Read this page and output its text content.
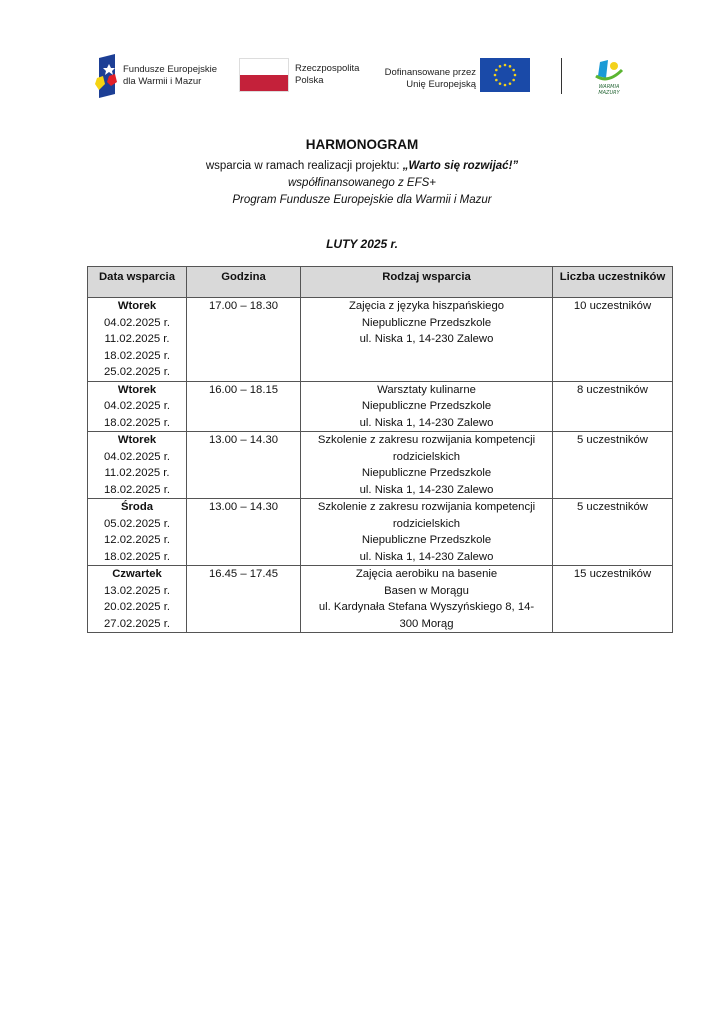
Fundusze Europejskie
dla Warmii i Mazur
Rzeczpospolita
Polska
Dofinansowane przez
Unię Europejską	WARMIA
MAZURY
HARMONOGRAM
wsparcia w ramach realizacji projektu: „Warto się rozwijać!”
współfinansowanego z EFS+
Program Fundusze Europejskie dla Warmii i Mazur
LUTY 2025 r.
Data wsparcia	Godzina	Rodzaj wsparcia	Liczba uczestników

Wtorek
04.02.2025 r.
11.02.2025 r.
18.02.2025 r.
25.02.2025 r.	17.00 – 18.30	Zajęcia z języka hiszpańskiego
Niepubliczne Przedszkole
ul. Niska 1, 14-230 Zalewo	10 uczestników

Wtorek
04.02.2025 r.
18.02.2025 r.	16.00 – 18.15	Warsztaty kulinarne
Niepubliczne Przedszkole
ul. Niska 1, 14-230 Zalewo	8 uczestników

Wtorek
04.02.2025 r.
11.02.2025 r.
18.02.2025 r.	13.00 – 14.30	Szkolenie z zakresu rozwijania kompetencji
rodzicielskich
Niepubliczne Przedszkole
ul. Niska 1, 14-230 Zalewo	5 uczestników

Środa
05.02.2025 r.
12.02.2025 r.
18.02.2025 r.	13.00 – 14.30	Szkolenie z zakresu rozwijania kompetencji
rodzicielskich
Niepubliczne Przedszkole
ul. Niska 1, 14-230 Zalewo	5 uczestników

Czwartek
13.02.2025 r.
20.02.2025 r.
27.02.2025 r.	16.45 – 17.45	Zajęcia aerobiku na basenie
Basen w Morągu
ul. Kardynała Stefana Wyszyńskiego 8, 14-
300 Morąg	15 uczestników
